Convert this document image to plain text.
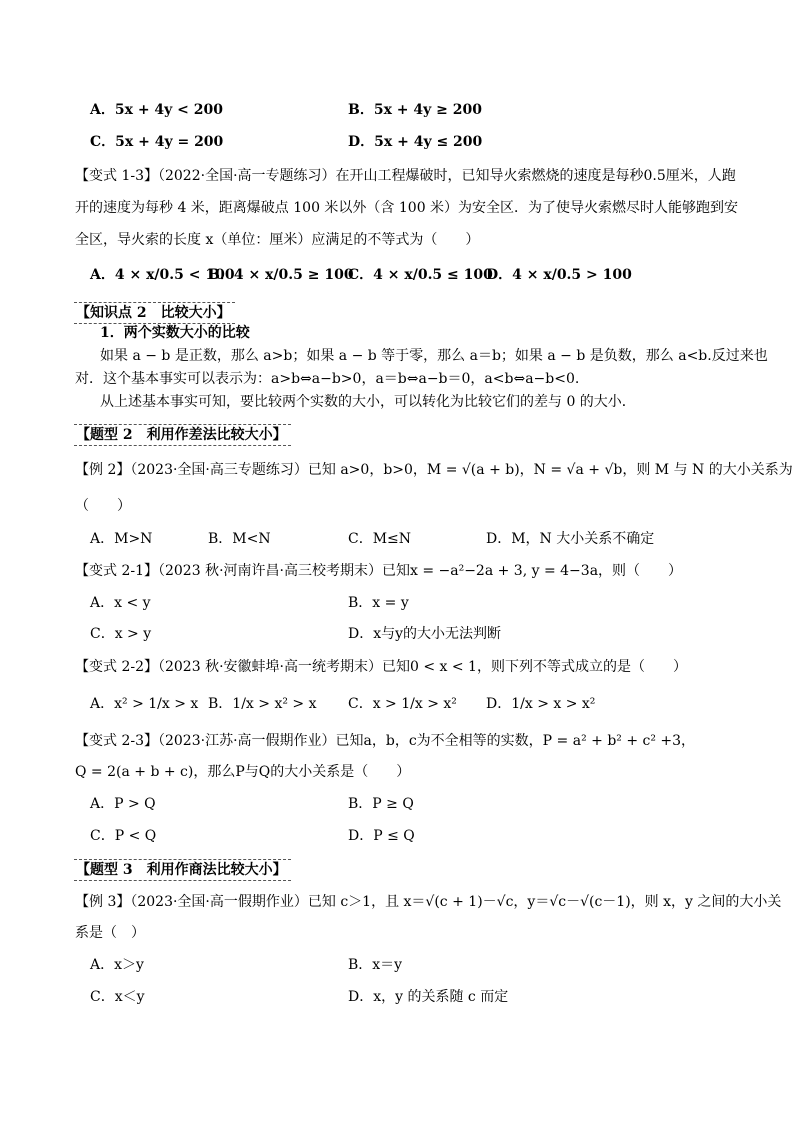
A．5x + 4y < 200	B．5x + 4y ≥ 200
C．5x + 4y = 200	D．5x + 4y ≤ 200
【变式 1-3】（2022·全国·高一专题练习）在开山工程爆破时，已知导火索燃烧的速度是每秒0.5厘米，人跑
开的速度为每秒 4 米，距离爆破点 100 米以外（含 100 米）为安全区．为了使导火索燃尽时人能够跑到安
全区，导火索的长度 x（单位：厘米）应满足的不等式为（　　）
A．4 × x/0.5 < 100
B．4 × x/0.5 ≥ 100
C．4 × x/0.5 ≤ 100
D．4 × x/0.5 > 100
【知识点 2　比较大小】
1．两个实数大小的比较
如果 a − b 是正数，那么 a>b；如果 a − b 等于零，那么 a＝b；如果 a − b 是负数，那么 a<b.反过来也
对．这个基本事实可以表示为：a>b⇔a−b>0，a＝b⇔a−b＝0，a<b⇔a−b<0.
从上述基本事实可知，要比较两个实数的大小，可以转化为比较它们的差与 0 的大小．
【题型 2　利用作差法比较大小】
【例 2】（2023·全国·高三专题练习）已知 a>0，b>0，M = √(a + b)，N = √a + √b，则 M 与 N 的大小关系为
（　　）
A．M>N	B．M<N	C．M≤N	D．M，N 大小关系不确定
【变式 2-1】（2023 秋·河南许昌·高三校考期末）已知x = −a²−2a + 3, y = 4−3a，则（　　）
A．x < y	B．x = y
C．x > y	D．x与y的大小无法判断
【变式 2-2】（2023 秋·安徽蚌埠·高一统考期末）已知0 < x < 1，则下列不等式成立的是（　　）
A．x² > 1/x > x B．1/x > x² > x C．x > 1/x > x² D．1/x > x > x²
【变式 2-3】（2023·江苏·高一假期作业）已知a，b，c为不全相等的实数，P = a² + b² + c² +3，
Q = 2(a + b + c)，那么P与Q的大小关系是（　　）
A．P > Q	B．P ≥ Q
C．P < Q	D．P ≤ Q
【题型 3　利用作商法比较大小】
【例 3】（2023·全国·高一假期作业）已知 c＞1，且 x＝√(c + 1)－√c，y＝√c－√(c－1)，则 x，y 之间的大小关
系是（　）
A．x＞y	B．x＝y
C．x＜y	D．x，y 的关系随 c 而定
